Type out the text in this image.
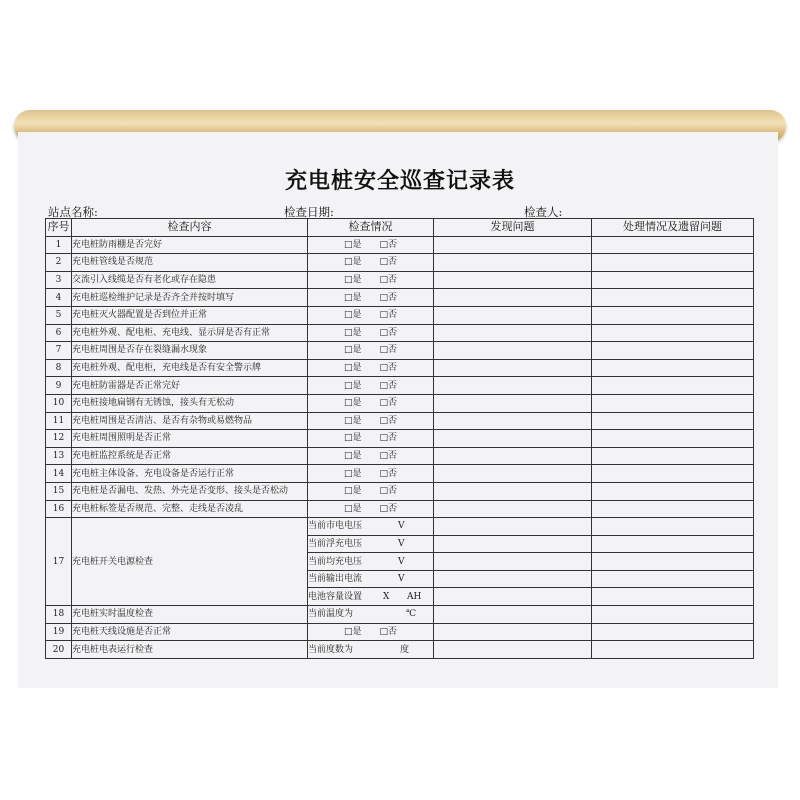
充电桩安全巡查记录表
站点名称:	检查日期:	检查人:
序号	检查内容	检查情况	发现问题	处理情况及遗留问题
1	充电桩防雨棚是否完好	□是 □否		
2	充电桩管线是否规范	□是 □否		
3	交流引入线缆是否有老化或存在隐患	□是 □否		
4	充电桩巡检维护记录是否齐全并按时填写	□是 □否		
5	充电桩灭火器配置是否到位并正常	□是 □否		
6	充电桩外观、配电柜、充电线、显示屏是否有正常	□是 □否		
7	充电桩周围是否存在裂缝漏水现象	□是 □否		
8	充电桩外观、配电柜，充电线是否有安全警示牌	□是 □否		
9	充电桩防雷器是否正常完好	□是 □否		
10	充电桩接地扁钢有无锈蚀，接头有无松动	□是 □否		
11	充电桩周围是否清洁、是否有杂物或易燃物品	□是 □否		
12	充电桩周围照明是否正常	□是 □否		
13	充电桩监控系统是否正常	□是 □否		
14	充电桩主体设备、充电设备是否运行正常	□是 □否		
15	充电桩是否漏电、发热、外壳是否变形、接头是否松动	□是 □否		
16	充电桩标签是否规范、完整、走线是否凌乱	□是 □否		
17	充电桩开关电源检查	当前市电电压 V		

		当前浮充电压 V		

		当前均充电压 V		

		当前输出电流 V		

		电池容量设置 X AH		

18	充电桩实时温度检查	当前温度为 ℃		

19	充电桩天线设施是否正常	□是 □否		
20	充电桩电表运行检查	当前度数为 度		
